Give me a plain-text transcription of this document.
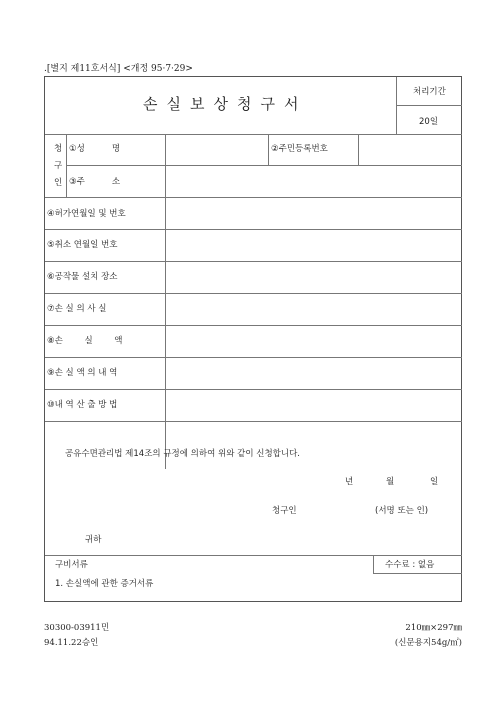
.[별지 제11호서식] <개정 95·7·29>
손실보상청구서
처리기간
20일
청
구
인
①성          명	②주민등록번호
③주          소
④허가연월일 및 번호
⑤취소 연월일 번호
⑥공작물 설치 장소
⑦손 실 의 사 실
⑧손        실        액
⑨손 실 액 의 내 역
⑩내 역 산 출 방 법
공유수면관리법 제14조의 규정에 의하여 위와 같이 신청합니다.
년	월	일
청구인	(서명 또는 인)
귀하
구비서류	수수료 : 없음
1. 손실액에 관한 증거서류
30300-03911민
94.11.22승인
210㎜×297㎜
(신문용지54g/㎡)
